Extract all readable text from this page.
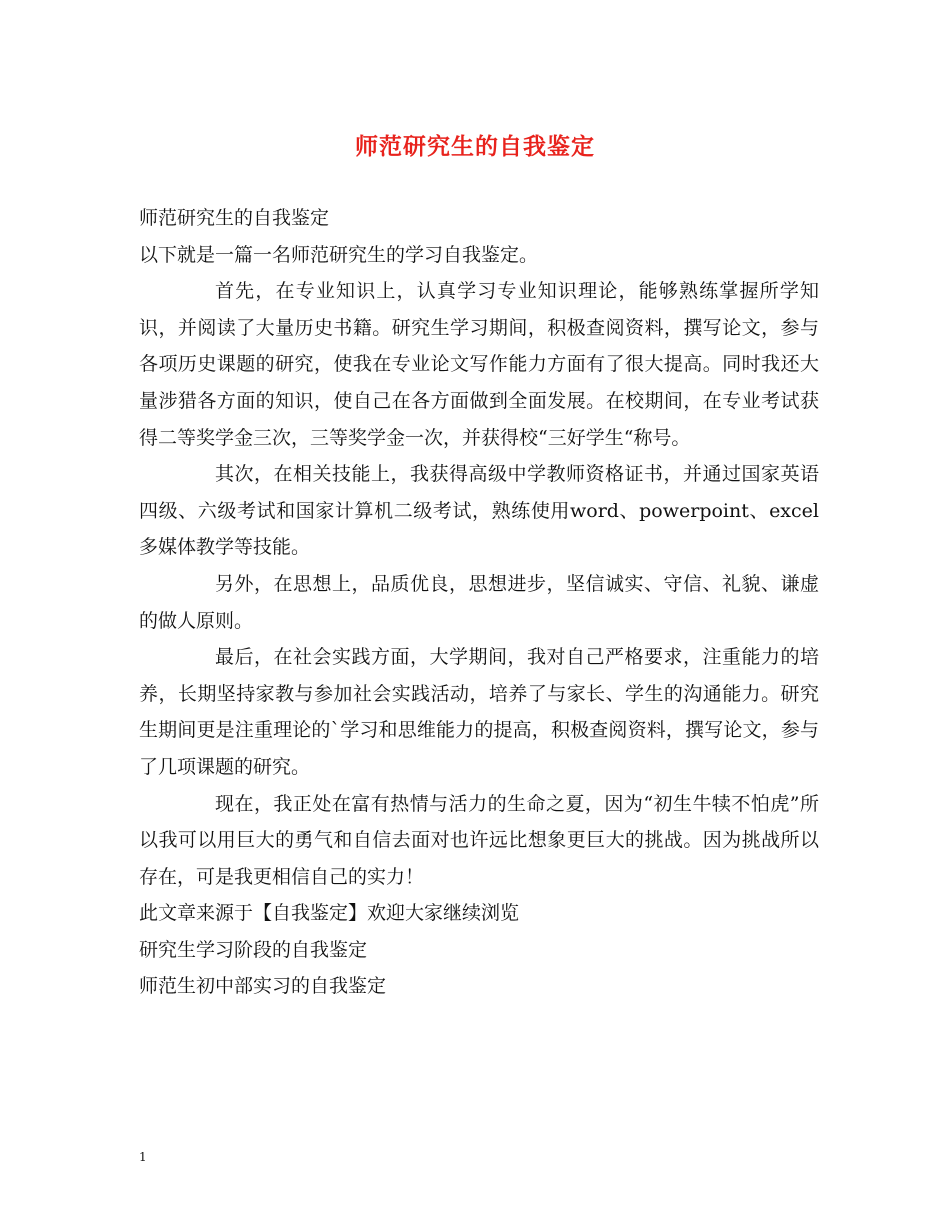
师范研究生的自我鉴定

师范研究生的自我鉴定

以下就是一篇一名师范研究生的学习自我鉴定。

首先，在专业知识上，认真学习专业知识理论，能够熟练掌握所学知识，并阅读了大量历史书籍。研究生学习期间，积极查阅资料，撰写论文，参与各项历史课题的研究，使我在专业论文写作能力方面有了很大提高。同时我还大量涉猎各方面的知识，使自己在各方面做到全面发展。在校期间，在专业考试获得二等奖学金三次，三等奖学金一次，并获得校“三好学生“称号。

其次，在相关技能上，我获得高级中学教师资格证书，并通过国家英语四级、六级考试和国家计算机二级考试，熟练使用word、powerpoint、excel多媒体教学等技能。

另外，在思想上，品质优良，思想进步，坚信诚实、守信、礼貌、谦虚的做人原则。

最后，在社会实践方面，大学期间，我对自己严格要求，注重能力的培养，长期坚持家教与参加社会实践活动，培养了与家长、学生的沟通能力。研究生期间更是注重理论的`学习和思维能力的提高，积极查阅资料，撰写论文，参与了几项课题的研究。

现在，我正处在富有热情与活力的生命之夏，因为“初生牛犊不怕虎”所以我可以用巨大的勇气和自信去面对也许远比想象更巨大的挑战。因为挑战所以存在，可是我更相信自己的实力！

此文章来源于【自我鉴定】欢迎大家继续浏览

研究生学习阶段的自我鉴定

师范生初中部实习的自我鉴定

1
